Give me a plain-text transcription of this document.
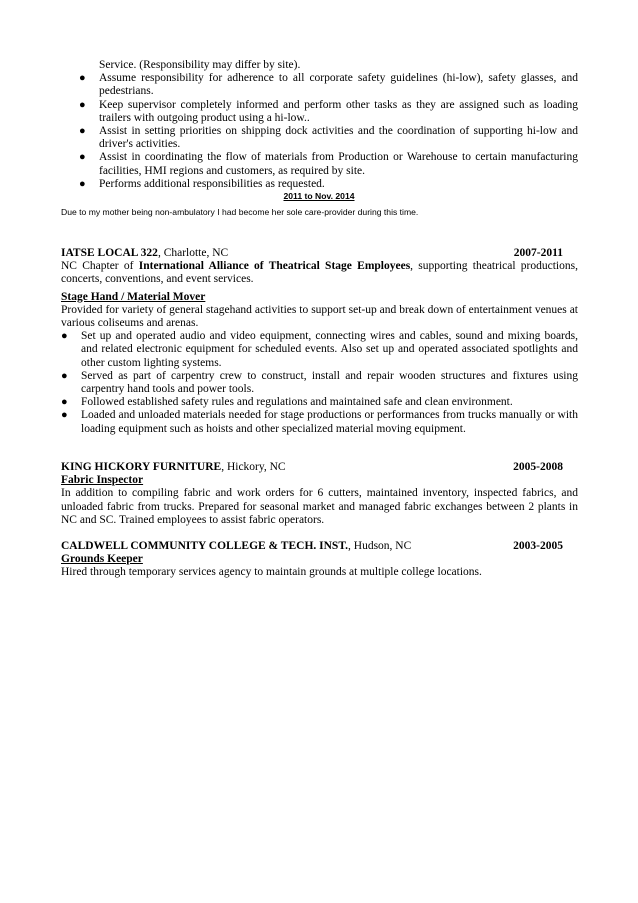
Service. (Responsibility may differ by site).
● Assume responsibility for adherence to all corporate safety guidelines (hi-low), safety glasses, and pedestrians.
● Keep supervisor completely informed and perform other tasks as they are assigned such as loading trailers with outgoing product using a hi-low..
● Assist in setting priorities on shipping dock activities and the coordination of supporting hi-low and driver's activities.
● Assist in coordinating the flow of materials from Production or Warehouse to certain manufacturing facilities, HMI regions and customers, as required by site.
● Performs additional responsibilities as requested.
2011 to Nov. 2014
Due to my mother being non-ambulatory I had become her sole care-provider during this time.
IATSE LOCAL 322, Charlotte, NC	2007-2011
NC Chapter of International Alliance of Theatrical Stage Employees, supporting theatrical productions, concerts, conventions, and event services.
Stage Hand / Material Mover
Provided for variety of general stagehand activities to support set-up and break down of entertainment venues at various coliseums and arenas.
● Set up and operated audio and video equipment, connecting wires and cables, sound and mixing boards, and related electronic equipment for scheduled events. Also set up and operated associated spotlights and other custom lighting systems.
● Served as part of carpentry crew to construct, install and repair wooden structures and fixtures using carpentry hand tools and power tools.
● Followed established safety rules and regulations and maintained safe and clean environment.
● Loaded and unloaded materials needed for stage productions or performances from trucks manually or with loading equipment such as hoists and other specialized material moving equipment.
KING HICKORY FURNITURE, Hickory, NC	2005-2008
Fabric Inspector
In addition to compiling fabric and work orders for 6 cutters, maintained inventory, inspected fabrics, and unloaded fabric from trucks. Prepared for seasonal market and managed fabric exchanges between 2 plants in NC and SC. Trained employees to assist fabric operators.
CALDWELL COMMUNITY COLLEGE & TECH. INST., Hudson, NC	2003-2005
Grounds Keeper
Hired through temporary services agency to maintain grounds at multiple college locations.
